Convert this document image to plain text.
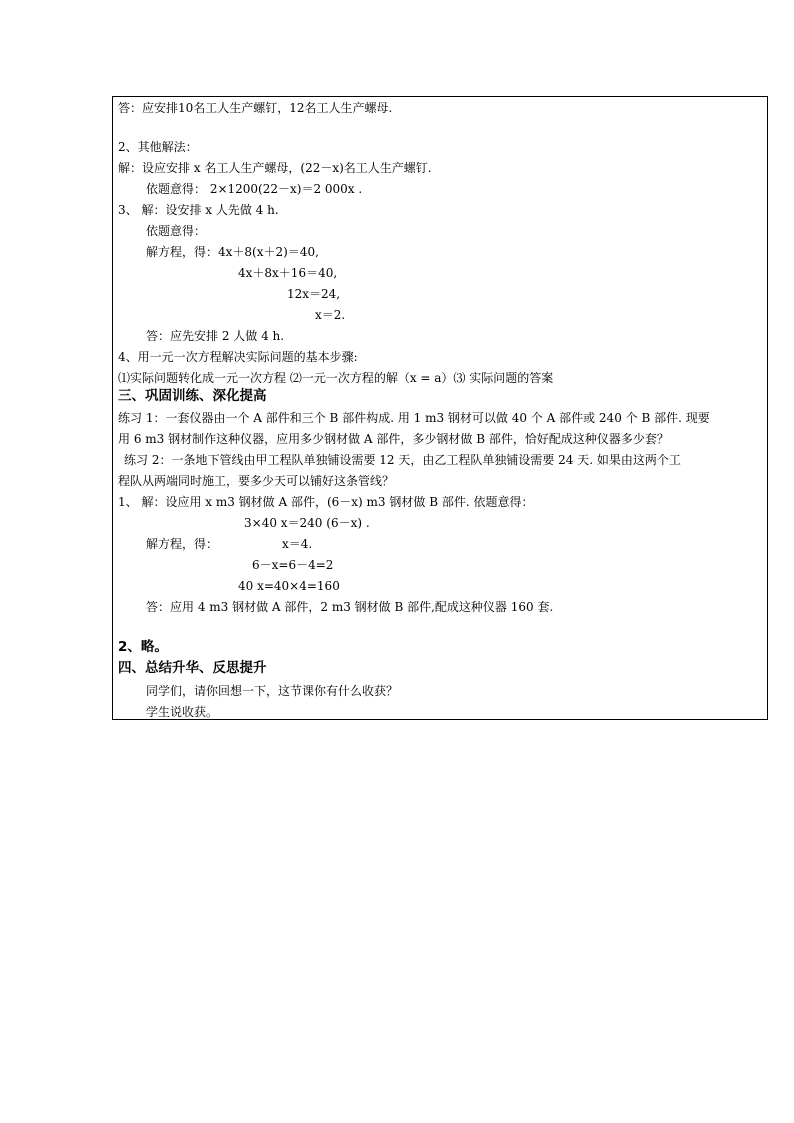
答：应安排10名工人生产螺钉，12名工人生产螺母.
2、其他解法：
解：设应安排 x 名工人生产螺母，(22－x)名工人生产螺钉.
依题意得： 2×1200(22－x)＝2 000x .
3、 解：设安排 x 人先做 4 h.
依题意得：
解方程，得：4x＋8(x＋2)＝40,
4x＋8x＋16＝40,
12x＝24,
x＝2.
答：应先安排 2 人做 4 h.
4、用一元一次方程解决实际问题的基本步骤:
⑴实际问题转化成一元一次方程 ⑵一元一次方程的解（x = a）⑶ 实际问题的答案
三、巩固训练、深化提高
练习 1：一套仪器由一个 A 部件和三个 B 部件构成. 用 1 m3 钢材可以做 40 个 A 部件或 240 个 B 部件. 现要
用 6 m3 钢材制作这种仪器，应用多少钢材做 A 部件，多少钢材做 B 部件，恰好配成这种仪器多少套？
练习 2：一条地下管线由甲工程队单独铺设需要 12 天，由乙工程队单独铺设需要 24 天. 如果由这两个工
程队从两端同时施工，要多少天可以铺好这条管线？
1、 解：设应用 x m3 钢材做 A 部件，(6－x) m3 钢材做 B 部件. 依题意得：
3×40 x＝240 (6－x) .
解方程，得：	x＝4.
6－x=6－4=2
40 x=40×4=160
答：应用 4 m3 钢材做 A 部件，2 m3 钢材做 B 部件,配成这种仪器 160 套.
2、略。
四、总结升华、反思提升
同学们，请你回想一下，这节课你有什么收获？
学生说收获。
